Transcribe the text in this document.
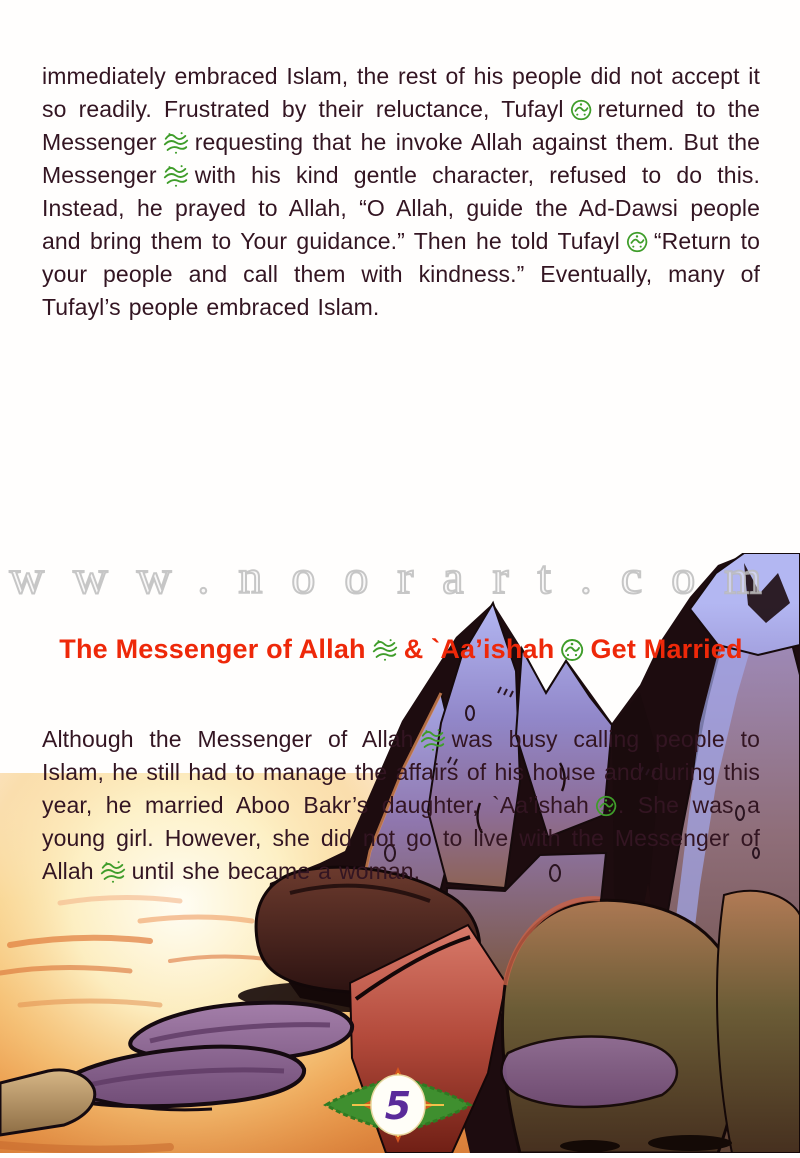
immediately embraced Islam, the rest of his people did not accept it so readily. Frustrated by their reluctance, Tufayl returned to the Messenger requesting that he invoke Allah against them. But the Messenger with his kind gentle character, refused to do this. Instead, he prayed to Allah, “O Allah, guide the Ad-Dawsi people and bring them to Your guidance.” Then he told Tufayl “Return to your people and call them with kindness.” Eventually, many of Tufayl’s people embraced Islam.
The Messenger of Allah & `Aa’ishah Get Married
Although the Messenger of Allah was busy calling people to Islam, he still had to manage the affairs of his house and during this year, he married Aboo Bakr’s daughter, `Aa’ishah . She was a young girl. However, she did not go to live with the Messenger of Allah until she became a woman.
5
www.noorart.com
